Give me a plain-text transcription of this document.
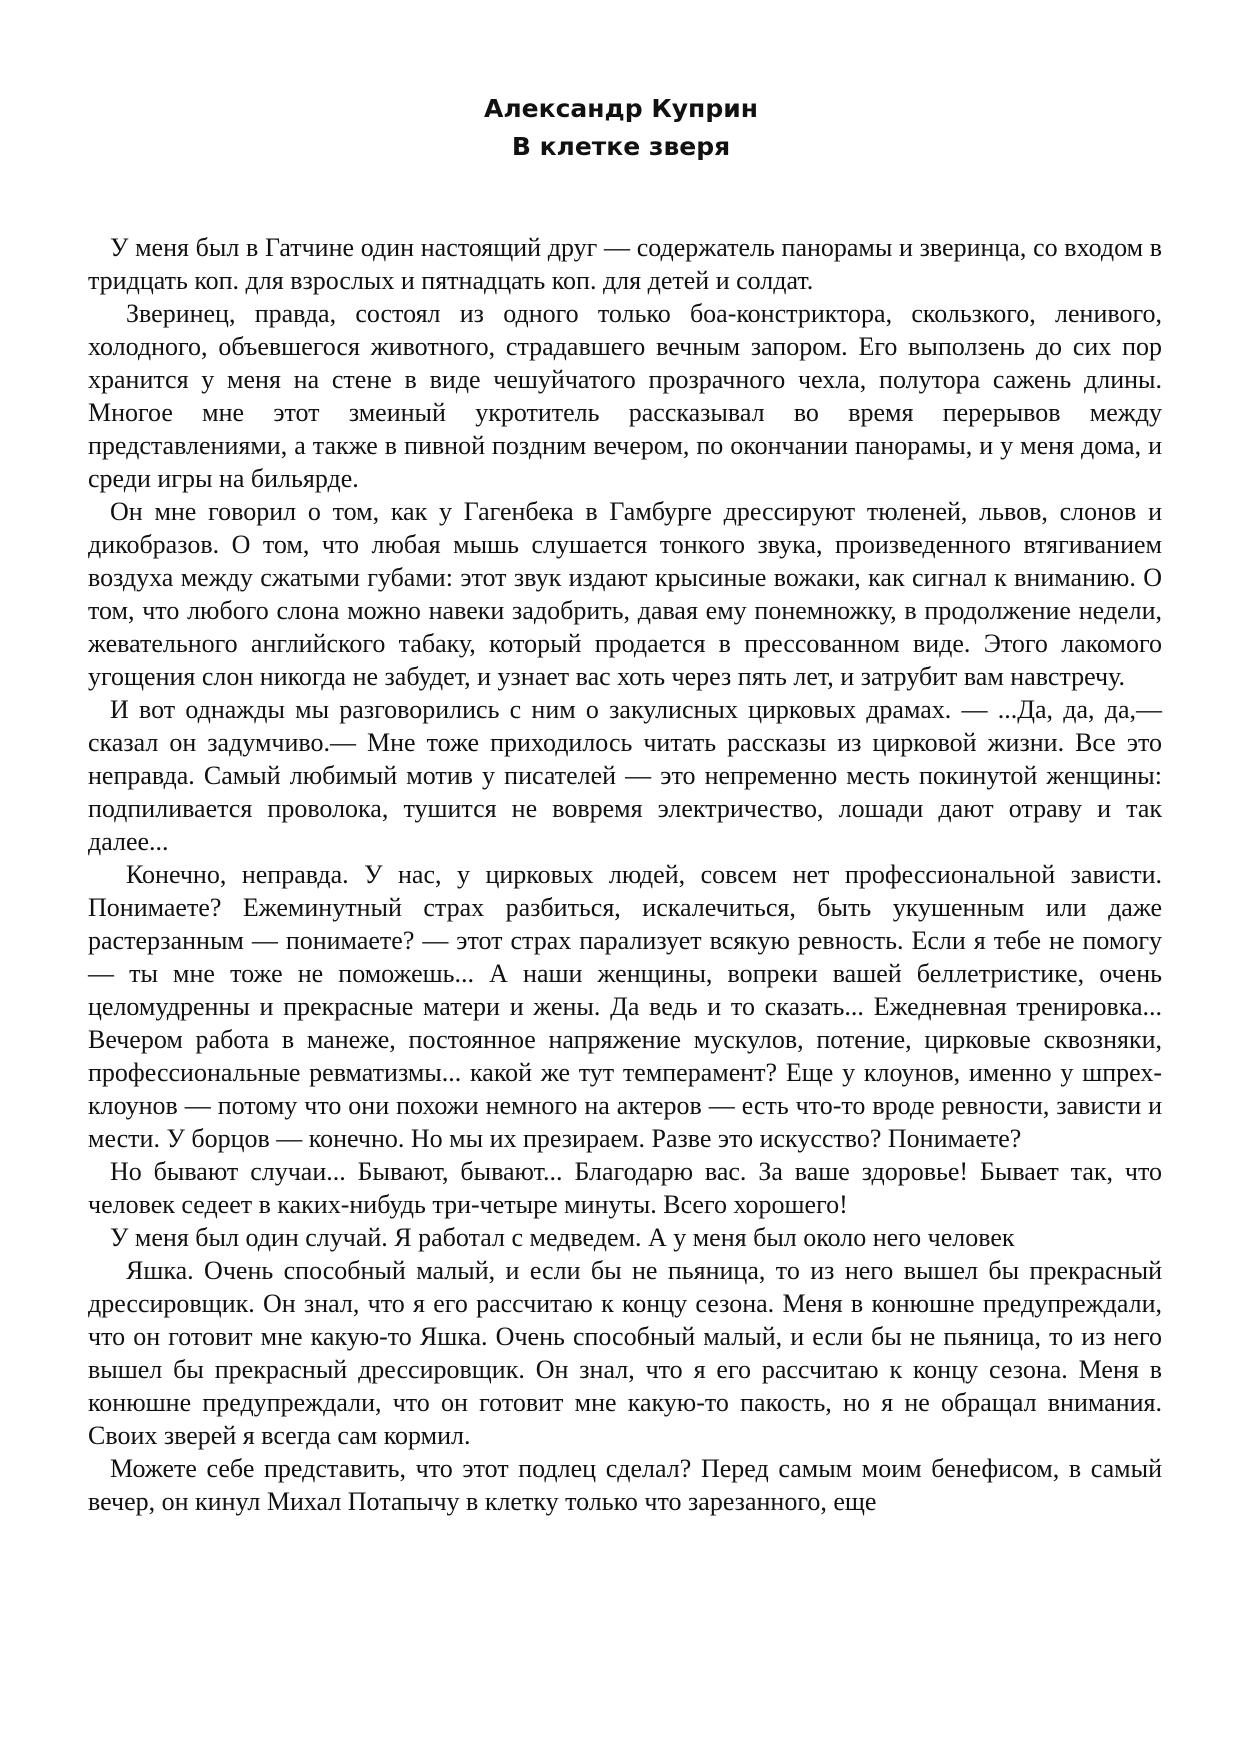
Александр Куприн
В клетке зверя

У меня был в Гатчине один настоящий друг — содержатель панорамы и зверинца, со входом в тридцать коп. для взрослых и пятнадцать коп. для детей и солдат.

Зверинец, правда, состоял из одного только боа-констриктора, скользкого, ленивого, холодного, объевшегося животного, страдавшего вечным запором. Его выползень до сих пор хранится у меня на стене в виде чешуйчатого прозрачного чехла, полутора сажень длины. Многое мне этот змеиный укротитель рассказывал во время перерывов между представлениями, а также в пивной поздним вечером, по окончании панорамы, и у меня дома, и среди игры на бильярде.

Он мне говорил о том, как у Гагенбека в Гамбурге дрессируют тюленей, львов, слонов и дикобразов. О том, что любая мышь слушается тонкого звука, произведенного втягиванием воздуха между сжатыми губами: этот звук издают крысиные вожаки, как сигнал к вниманию. О том, что любого слона можно навеки задобрить, давая ему понемножку, в продолжение недели, жевательного английского табаку, который продается в прессованном виде. Этого лакомого угощения слон никогда не забудет, и узнает вас хоть через пять лет, и затрубит вам навстречу.

И вот однажды мы разговорились с ним о закулисных цирковых драмах. — ...Да, да, да,— сказал он задумчиво.— Мне тоже приходилось читать рассказы из цирковой жизни. Все это неправда. Самый любимый мотив у писателей — это непременно месть покинутой женщины: подпиливается проволока, тушится не вовремя электричество, лошади дают отраву и так далее...

Конечно, неправда. У нас, у цирковых людей, совсем нет профессиональной зависти. Понимаете? Ежеминутный страх разбиться, искалечиться, быть укушенным или даже растерзанным — понимаете? — этот страх парализует всякую ревность. Если я тебе не помогу — ты мне тоже не поможешь... А наши женщины, вопреки вашей беллетристике, очень целомудренны и прекрасные матери и жены. Да ведь и то сказать... Ежедневная тренировка... Вечером работа в манеже, постоянное напряжение мускулов, потение, цирковые сквозняки, профессиональные ревматизмы... какой же тут темперамент? Еще у клоунов, именно у шпрех-клоунов — потому что они похожи немного на актеров — есть что-то вроде ревности, зависти и мести. У борцов — конечно. Но мы их презираем. Разве это искусство? Понимаете?

Но бывают случаи... Бывают, бывают... Благодарю вас. За ваше здоровье! Бывает так, что человек седеет в каких-нибудь три-четыре минуты. Всего хорошего!

У меня был один случай. Я работал с медведем. А у меня был около него человек

Яшка. Очень способный малый, и если бы не пьяница, то из него вышел бы прекрасный дрессировщик. Он знал, что я его рассчитаю к концу сезона. Меня в конюшне предупреждали, что он готовит мне какую-то Яшка. Очень способный малый, и если бы не пьяница, то из него вышел бы прекрасный дрессировщик. Он знал, что я его рассчитаю к концу сезона. Меня в конюшне предупреждали, что он готовит мне какую-то пакость, но я не обращал внимания. Своих зверей я всегда сам кормил.

Можете себе представить, что этот подлец сделал? Перед самым моим бенефисом, в самый вечер, он кинул Михал Потапычу в клетку только что зарезанного, еще
